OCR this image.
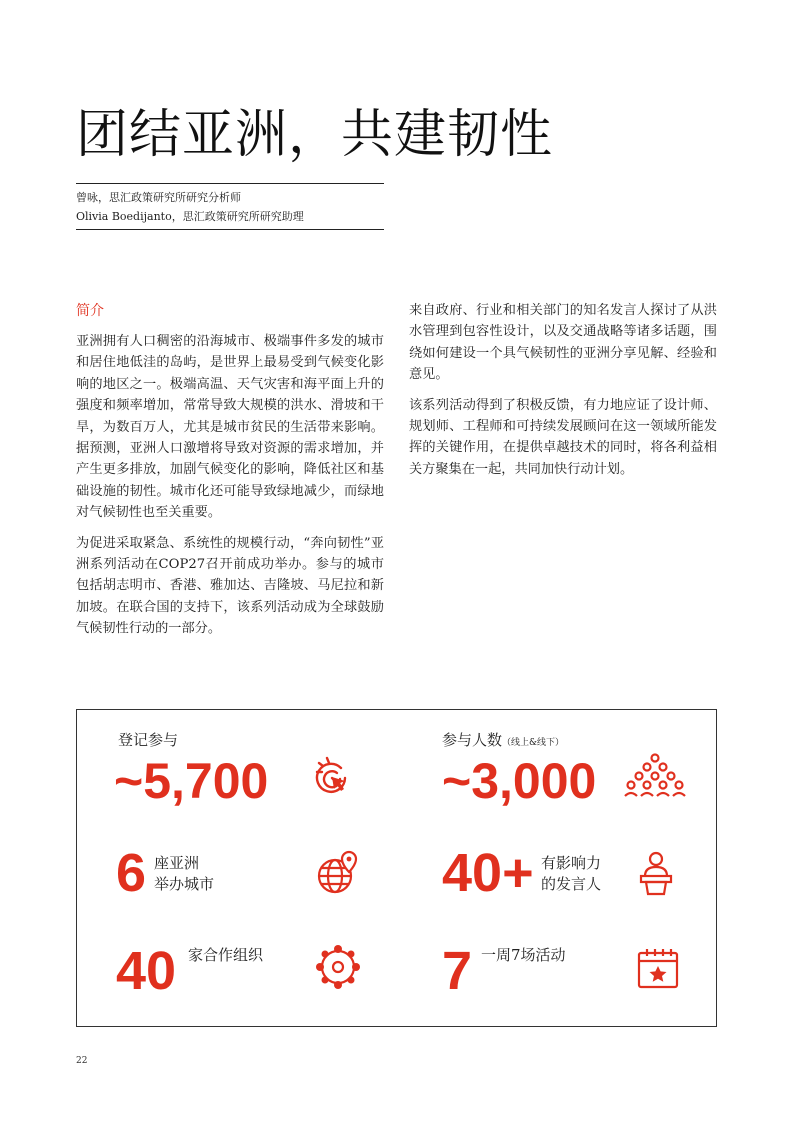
团结亚洲，共建韧性
曾咏，思汇政策研究所研究分析师
Olivia Boedijanto，思汇政策研究所研究助理

简介

亚洲拥有人口稠密的沿海城市、极端事件多发的城市和居住地低洼的岛屿，是世界上最易受到气候变化影响的地区之一。极端高温、天气灾害和海平面上升的强度和频率增加，常常导致大规模的洪水、滑坡和干旱，为数百万人，尤其是城市贫民的生活带来影响。据预测，亚洲人口激增将导致对资源的需求增加，并产生更多排放，加剧气候变化的影响，降低社区和基础设施的韧性。城市化还可能导致绿地减少，而绿地对气候韧性也至关重要。

为促进采取紧急、系统性的规模行动，“奔向韧性”亚洲系列活动在COP27召开前成功举办。参与的城市包括胡志明市、香港、雅加达、吉隆坡、马尼拉和新加坡。在联合国的支持下，该系列活动成为全球鼓励气候韧性行动的一部分。

来自政府、行业和相关部门的知名发言人探讨了从洪水管理到包容性设计，以及交通战略等诸多话题，围绕如何建设一个具气候韧性的亚洲分享见解、经验和意见。

该系列活动得到了积极反馈，有力地应证了设计师、规划师、工程师和可持续发展顾问在这一领域所能发挥的关键作用，在提供卓越技术的同时，将各利益相关方聚集在一起，共同加快行动计划。

登记参与
~5,700
参与人数（线上&线下）
~3,000
6 座亚洲
举办城市	40+ 有影响力
的发言人
40 家合作组织	7 一周7场活动
22
